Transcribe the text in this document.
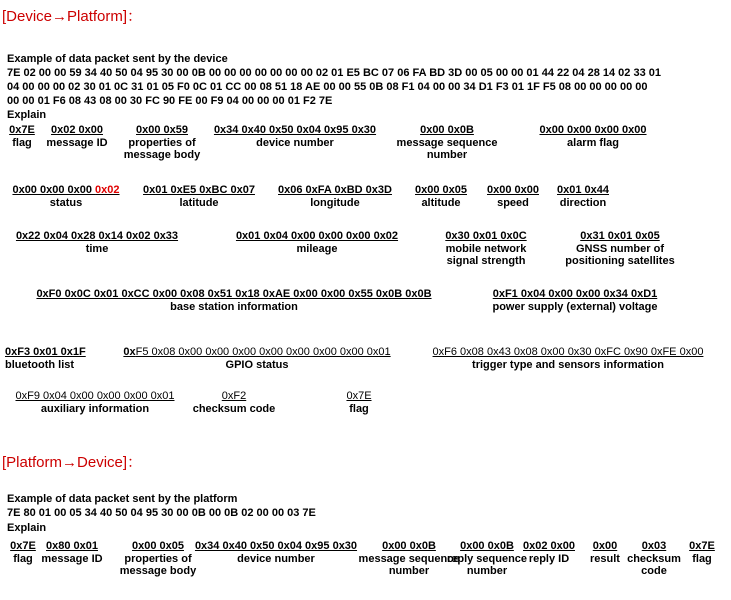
[Device→Platform]：
Example of data packet sent by the device
7E 02 00 00 59 34 40 50 04 95 30 00 0B 00 00 00 00 00 00 00 02 01 E5 BC 07 06 FA BD 3D 00 05 00 00 01 44 22 04 28 14 02 33 01
04 00 00 00 02 30 01 0C 31 01 05 F0 0C 01 CC 00 08 51 18 AE 00 00 55 0B 08 F1 04 00 00 34 D1 F3 01 1F F5 08 00 00 00 00 00
00 00 01 F6 08 43 08 00 30 FC 90 FE 00 F9 04 00 00 00 01 F2 7E
Explain
0x7E
flag
0x02 0x00
message ID
0x00 0x59
properties of message body
0x34 0x40 0x50 0x04 0x95 0x30
device number
0x00 0x0B
message sequence number
0x00 0x00 0x00 0x00
alarm flag
0x00 0x00 0x00 0x02
status
0x01 0xE5 0xBC 0x07
latitude
0x06 0xFA 0xBD 0x3D
longitude
0x00 0x05
altitude
0x00 0x00
speed
0x01 0x44
direction
0x22 0x04 0x28 0x14 0x02 0x33
time
0x01 0x04 0x00 0x00 0x00 0x02
mileage
0x30 0x01 0x0C
mobile network signal strength
0x31 0x01 0x05
GNSS number of positioning satellites
0xF0 0x0C 0x01 0xCC 0x00 0x08 0x51 0x18 0xAE 0x00 0x00 0x55 0x0B 0x0B
base station information
0xF1 0x04 0x00 0x00 0x34 0xD1
power supply (external) voltage
0xF3 0x01 0x1F
bluetooth list
0xF5 0x08 0x00 0x00 0x00 0x00 0x00 0x00 0x00 0x01
GPIO status
0xF6 0x08 0x43 0x08 0x00 0x30 0xFC 0x90 0xFE 0x00
trigger type and sensors information
0xF9 0x04 0x00 0x00 0x00 0x01
auxiliary information
0xF2
checksum code
0x7E
flag
[Platform→Device]：
Example of data packet sent by the platform
7E 80 01 00 05 34 40 50 04 95 30 00 0B 00 0B 02 00 00 03 7E
Explain
0x7E
flag
0x80 0x01
message ID
0x00 0x05
properties of message body
0x34 0x40 0x50 0x04 0x95 0x30
device number
0x00 0x0B
message sequence number
0x00 0x0B
reply sequence number
0x02 0x00
reply ID
0x00
result
0x03
checksum code
0x7E
flag
